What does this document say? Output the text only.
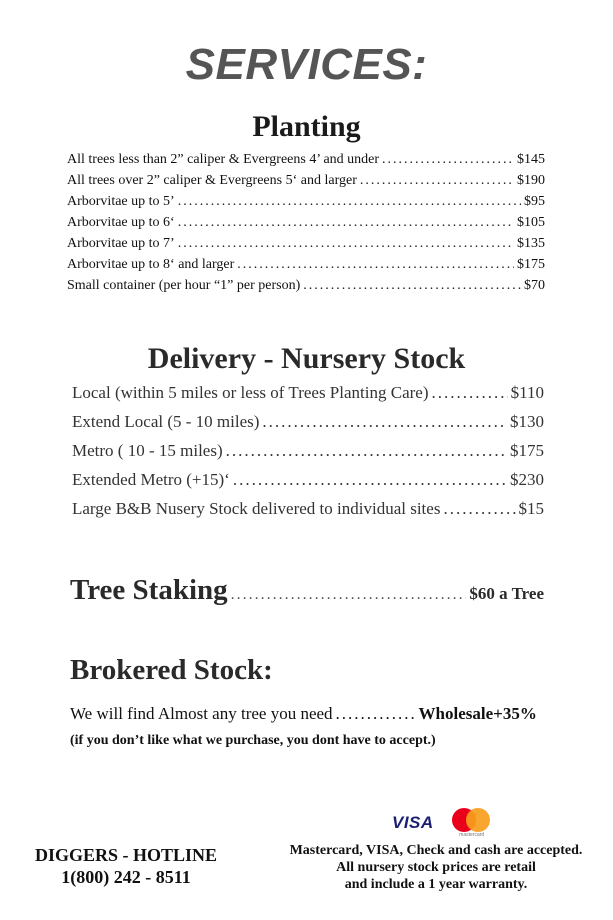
SERVICES:
Planting
All trees less than 2” caliper & Evergreens 4’ and under .....	$145
All trees over 2” caliper & Evergreens 5‘ and larger .....	$190
Arborvitae up to 5’ .....	$95
Arborvitae up to 6‘ .....	$105
Arborvitae up to 7’ .....	$135
Arborvitae up to 8‘ and larger .....	$175
Small container (per hour “1” per person) .....	$70
Delivery - Nursery Stock
Local (within 5 miles or less of Trees Planting Care) .....	$110
Extend Local (5 - 10 miles) .....	$130
Metro ( 10 - 15 miles) .....	$175
Extended Metro (+15)‘ .....	$230
Large B&B Nusery Stock delivered to individual sites .....	$15
Tree Staking .....	$60 a Tree
Brokered Stock:
We will find Almost any tree you need .....	Wholesale+35%
(if you don’t like what we purchase, you dont have to accept.)
DIGGERS - HOTLINE
1(800) 242 - 8511
VISA
mastercard
Mastercard, VISA, Check and cash are accepted.
All nursery stock prices are retail
and include a 1 year warranty.
